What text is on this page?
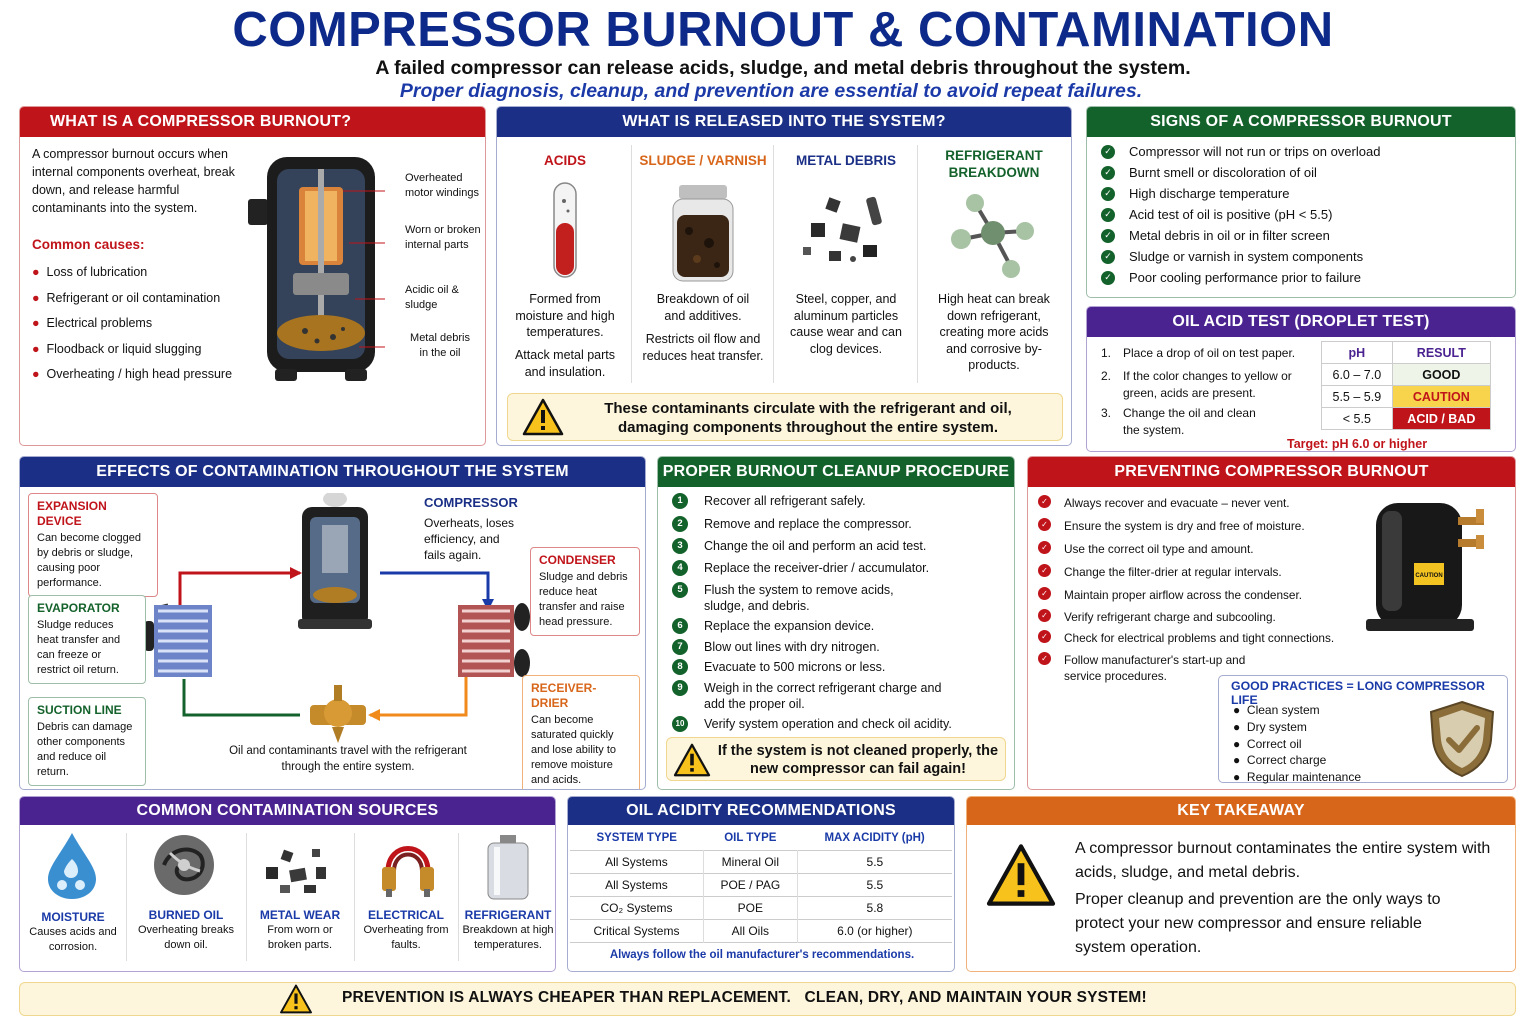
COMPRESSOR BURNOUT & CONTAMINATION
A failed compressor can release acids, sludge, and metal debris throughout the system.
Proper diagnosis, cleanup, and prevention are essential to avoid repeat failures.
WHAT IS A COMPRESSOR BURNOUT?
A compressor burnout occurs when internal components overheat, break down, and release harmful contaminants into the system.
Common causes:
●  Loss of lubrication
●  Refrigerant or oil contamination
●  Electrical problems
●  Floodback or liquid slugging
●  Overheating / high head pressure
Overheated motor windings
Worn or broken internal parts
Acidic oil & sludge
Metal debris in the oil
WHAT IS RELEASED INTO THE SYSTEM?
ACIDS
Formed from moisture and high temperatures.
Attack metal parts and insulation.
SLUDGE / VARNISH
Breakdown of oil and additives.
Restricts oil flow and reduces heat transfer.
METAL DEBRIS
Steel, copper, and aluminum particles cause wear and can clog devices.
REFRIGERANT BREAKDOWN
High heat can break down refrigerant, creating more acids and corrosive by-products.
These contaminants circulate with the refrigerant and oil, damaging components throughout the entire system.
SIGNS OF A COMPRESSOR BURNOUT
✓ Compressor will not run or trips on overload
✓ Burnt smell or discoloration of oil
✓ High discharge temperature
✓ Acid test of oil is positive (pH < 5.5)
✓ Metal debris in oil or in filter screen
✓ Sludge or varnish in system components
✓ Poor cooling performance prior to failure
OIL ACID TEST (DROPLET TEST)
1. Place a drop of oil on test paper.
2. If the color changes to yellow or green, acids are present.
3. Change the oil and clean the system.
pH	RESULT
6.0 – 7.0	GOOD
5.5 – 5.9	CAUTION
< 5.5	ACID / BAD
Target: pH 6.0 or higher
EFFECTS OF CONTAMINATION THROUGHOUT THE SYSTEM
EXPANSION DEVICE
Can become clogged by debris or sludge, causing poor performance.
EVAPORATOR
Sludge reduces heat transfer and can freeze or restrict oil return.
SUCTION LINE
Debris can damage other components and reduce oil return.
COMPRESSOR
Overheats, loses efficiency, and fails again.	CONDENSER
Sludge and debris reduce heat transfer and raise head pressure.
RECEIVER-DRIER
Can become saturated quickly and lose ability to remove moisture and acids.
Oil and contaminants travel with the refrigerant through the entire system.
PROPER BURNOUT CLEANUP PROCEDURE
1	Recover all refrigerant safely.
2	Remove and replace the compressor.
3	Change the oil and perform an acid test.
4	Replace the receiver-drier / accumulator.
5	Flush the system to remove acids, sludge, and debris.
6	Replace the expansion device.
7	Blow out lines with dry nitrogen.
8	Evacuate to 500 microns or less.
9	Weigh in the correct refrigerant charge and add the proper oil.
10 Verify system operation and check oil acidity.
If the system is not cleaned properly, the new compressor can fail again!
PREVENTING COMPRESSOR BURNOUT
✓ Always recover and evacuate – never vent.
✓ Ensure the system is dry and free of moisture.
✓ Use the correct oil type and amount.
✓ Change the filter-drier at regular intervals.
✓ Maintain proper airflow across the condenser.
✓ Verify refrigerant charge and subcooling.
✓ Check for electrical problems and tight connections.
✓ Follow manufacturer's start-up and service procedures.
CAUTION
GOOD PRACTICES = LONG COMPRESSOR LIFE
●  Clean system
●  Dry system
●  Correct oil
●  Correct charge
●  Regular maintenance
COMMON CONTAMINATION SOURCES
MOISTURE
Causes acids and corrosion.
BURNED OIL
Overheating breaks down oil.
METAL WEAR
From worn or broken parts.
ELECTRICAL
Overheating from faults.
REFRIGERANT
Breakdown at high temperatures.
OIL ACIDITY RECOMMENDATIONS
SYSTEM TYPE	OIL TYPE	MAX ACIDITY (pH)
All Systems	Mineral Oil	5.5
All Systems	POE / PAG	5.5
CO₂ Systems	POE	5.8
Critical Systems	All Oils	6.0 (or higher)
Always follow the oil manufacturer's recommendations.
KEY TAKEAWAY
A compressor burnout contaminates the entire system with acids, sludge, and metal debris.
Proper cleanup and prevention are the only ways to protect your new compressor and ensure reliable system operation.
PREVENTION IS ALWAYS CHEAPER THAN REPLACEMENT.   CLEAN, DRY, AND MAINTAIN YOUR SYSTEM!
